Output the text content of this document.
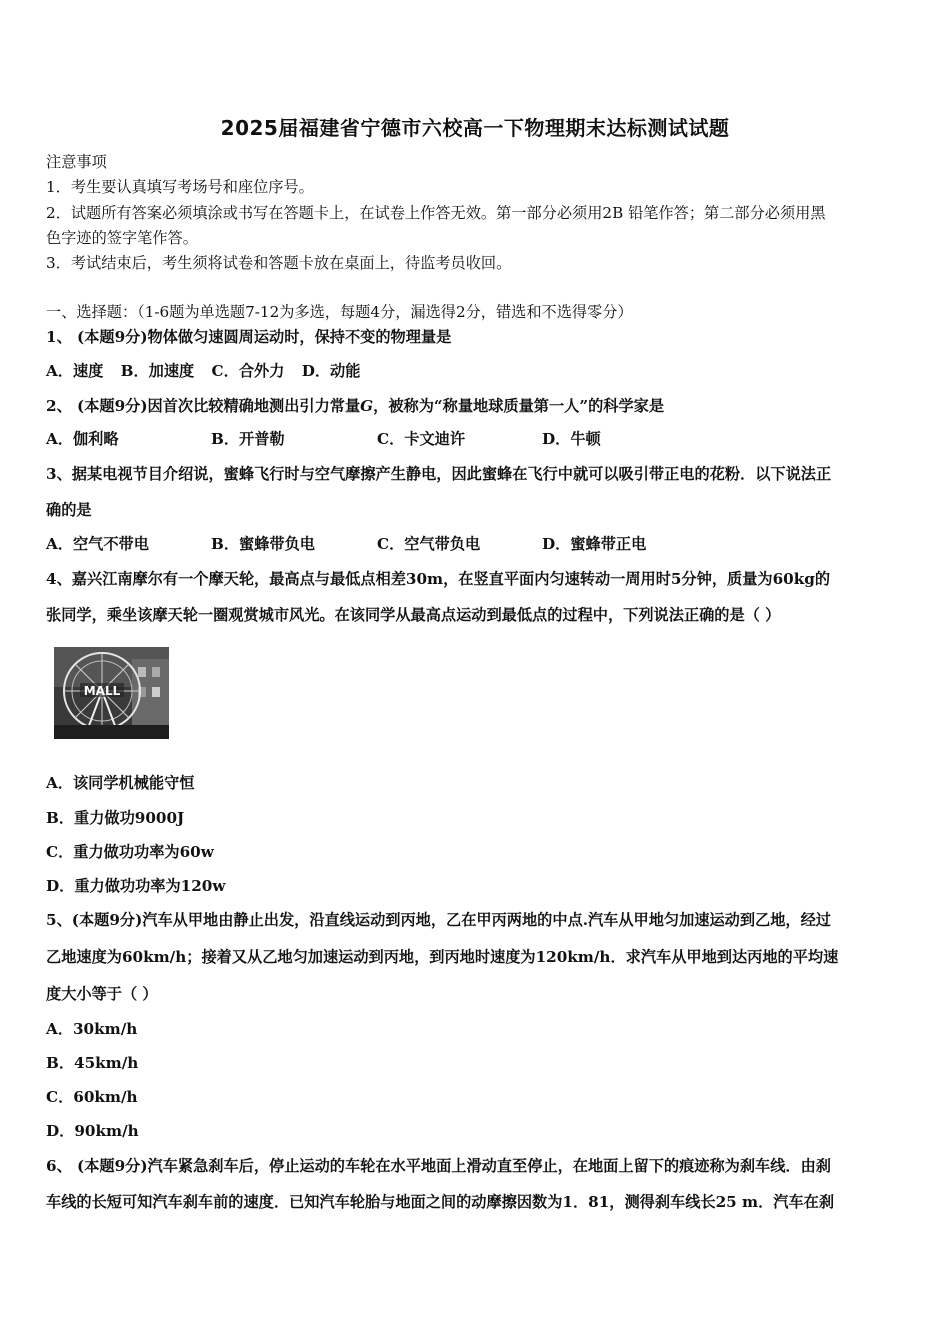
2025届福建省宁德市六校高一下物理期末达标测试试题
注意事项
1．考生要认真填写考场号和座位序号。
2．试题所有答案必须填涂或书写在答题卡上，在试卷上作答无效。第一部分必须用2B 铅笔作答；第二部分必须用黑
色字迹的签字笔作答。
3．考试结束后，考生须将试卷和答题卡放在桌面上，待监考员收回。
一、选择题：（1-6题为单选题7-12为多选，每题4分，漏选得2分，错选和不选得零分）
1、 (本题9分)物体做匀速圆周运动时，保持不变的物理量是
A．速度 B．加速度 C．合外力 D．动能
2、 (本题9分)因首次比较精确地测出引力常量G，被称为“称量地球质量第一人”的科学家是
A．伽利略	B．开普勒	C．卡文迪许	D．牛顿
3、据某电视节目介绍说，蜜蜂飞行时与空气摩擦产生静电，因此蜜蜂在飞行中就可以吸引带正电的花粉．以下说法正
确的是
A．空气不带电	B．蜜蜂带负电	C．空气带负电	D．蜜蜂带正电
4、嘉兴江南摩尔有一个摩天轮，最高点与最低点相差30m，在竖直平面内匀速转动一周用时5分钟，质量为60kg的
张同学，乘坐该摩天轮一圈观赏城市风光。在该同学从最高点运动到最低点的过程中，下列说法正确的是（ ）
MALL
A．该同学机械能守恒
B．重力做功9000J
C．重力做功功率为60w
D．重力做功功率为120w
5、(本题9分)汽车从甲地由静止出发，沿直线运动到丙地，乙在甲丙两地的中点.汽车从甲地匀加速运动到乙地，经过
乙地速度为60km/h；接着又从乙地匀加速运动到丙地，到丙地时速度为120km/h．求汽车从甲地到达丙地的平均速
度大小等于（ ）
A．30km/h
B．45km/h
C．60km/h
D．90km/h
6、 (本题9分)汽车紧急刹车后，停止运动的车轮在水平地面上滑动直至停止，在地面上留下的痕迹称为刹车线．由刹
车线的长短可知汽车刹车前的速度．已知汽车轮胎与地面之间的动摩擦因数为1．81，测得刹车线长25 m．汽车在刹
